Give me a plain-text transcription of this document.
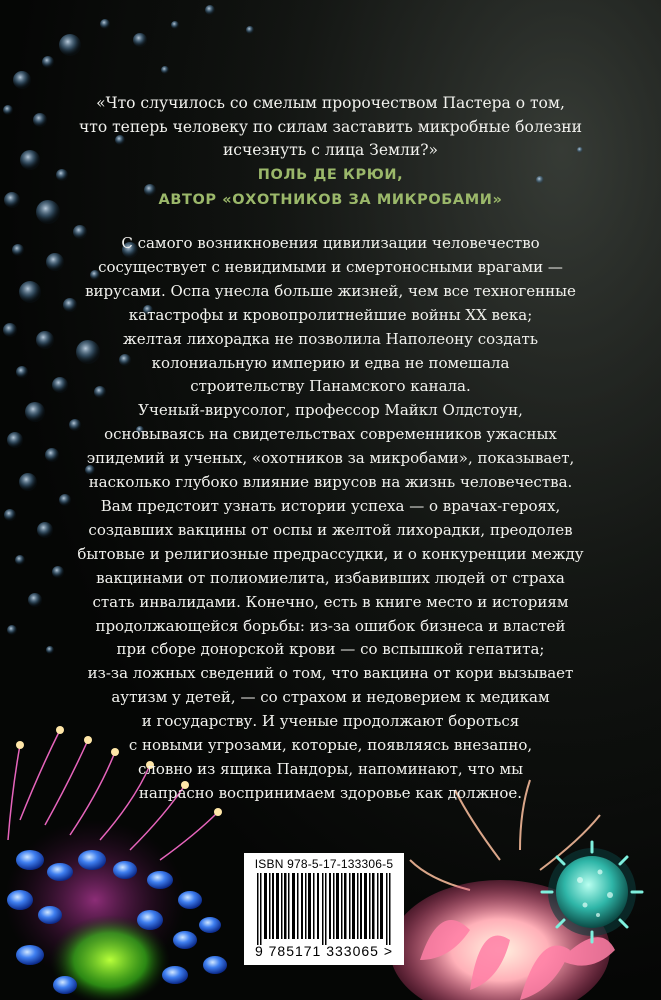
«Что случилось со смелым пророчеством Пастера о том,
что теперь человеку по силам заставить микробные болезни
исчезнуть с лица Земли?»
ПОЛЬ ДЕ КРЮИ,
АВТОР «ОХОТНИКОВ ЗА МИКРОБАМИ»
С самого возникновения цивилизации человечество
сосуществует с невидимыми и смертоносными врагами —
вирусами. Оспа унесла больше жизней, чем все техногенные
катастрофы и кровопролитнейшие войны XX века;
желтая лихорадка не позволила Наполеону создать
колониальную империю и едва не помешала
строительству Панамского канала.
Ученый-вирусолог, профессор Майкл Олдстоун,
основываясь на свидетельствах современников ужасных
эпидемий и ученых, «охотников за микробами», показывает,
насколько глубоко влияние вирусов на жизнь человечества.
Вам предстоит узнать истории успеха — о врачах-героях,
создавших вакцины от оспы и желтой лихорадки, преодолев
бытовые и религиозные предрассудки, и о конкуренции между
вакцинами от полиомиелита, избавивших людей от страха
стать инвалидами. Конечно, есть в книге место и историям
продолжающейся борьбы: из-за ошибок бизнеса и властей
при сборе донорской крови — со вспышкой гепатита;
из-за ложных сведений о том, что вакцина от кори вызывает
аутизм у детей, — со страхом и недоверием к медикам
и государству. И ученые продолжают бороться
с новыми угрозами, которые, появляясь внезапно,
словно из ящика Пандоры, напоминают, что мы
напрасно воспринимаем здоровье как должное.
ISBN 978-5-17-133306-5
9 785171 333065 >
